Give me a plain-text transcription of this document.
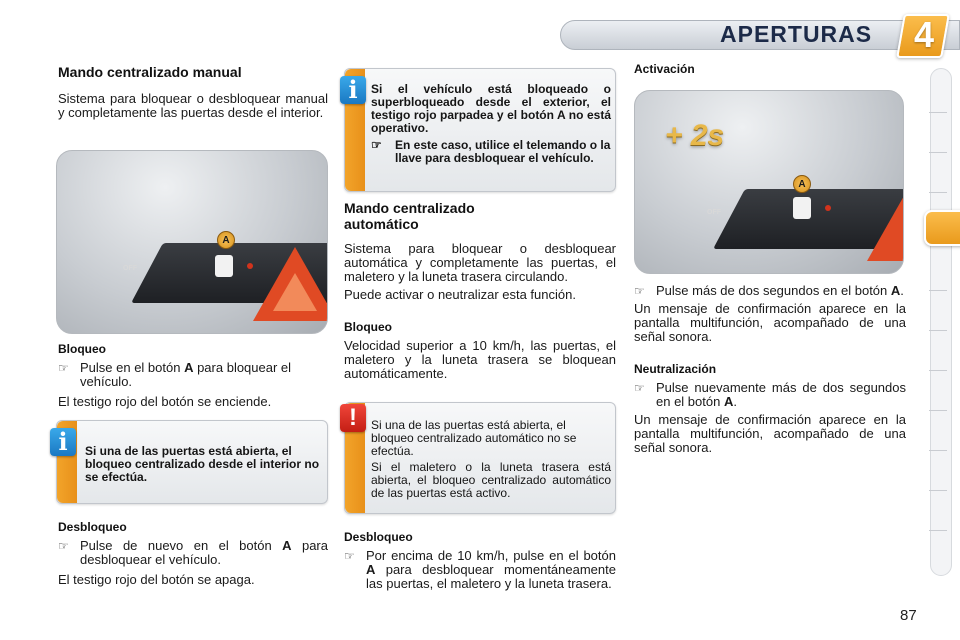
APERTURAS 4
Mando centralizado manual

Sistema para bloquear o desbloquear manual y completamente las puertas desde el interior.

OFF
A
Bloqueo
☞ Pulse en el botón A para bloquear el vehículo.

El testigo rojo del botón se enciende.

Si una de las puertas está abierta, el bloqueo centralizado desde el interior no se efectúa.
i
Desbloqueo
☞ Pulse de nuevo en el botón A para desbloquear el vehículo.

El testigo rojo del botón se apaga.

Si el vehículo está bloqueado o superbloqueado desde el exterior, el testigo rojo parpadea y el botón A no está operativo.
☞ En este caso, utilice el telemando o la llave para desbloquear el vehículo.
i
Mando centralizado automático

Sistema para bloquear o desbloquear automática y completamente las puertas, el maletero y la luneta trasera circulando.

Puede activar o neutralizar esta función.

Bloqueo

Velocidad superior a 10 km/h, las puertas, el maletero y la luneta trasera se bloquean automáticamente.

Si una de las puertas está abierta, el bloqueo centralizado automático no se efectúa.
Si el maletero o la luneta trasera está abierta, el bloqueo centralizado automático de las puertas está activo.
!
Desbloqueo
☞ Por encima de 10 km/h, pulse en el botón A para desbloquear momentáneamente las puertas, el maletero y la luneta trasera.
Activación
OFF
A
+ 2s
☞ Pulse más de dos segundos en el botón A.

Un mensaje de confirmación aparece en la pantalla multifunción, acompañado de una señal sonora.

Neutralización
☞ Pulse nuevamente más de dos segundos en el botón A.

Un mensaje de confirmación aparece en la pantalla multifunción, acompañado de una señal sonora.

87
